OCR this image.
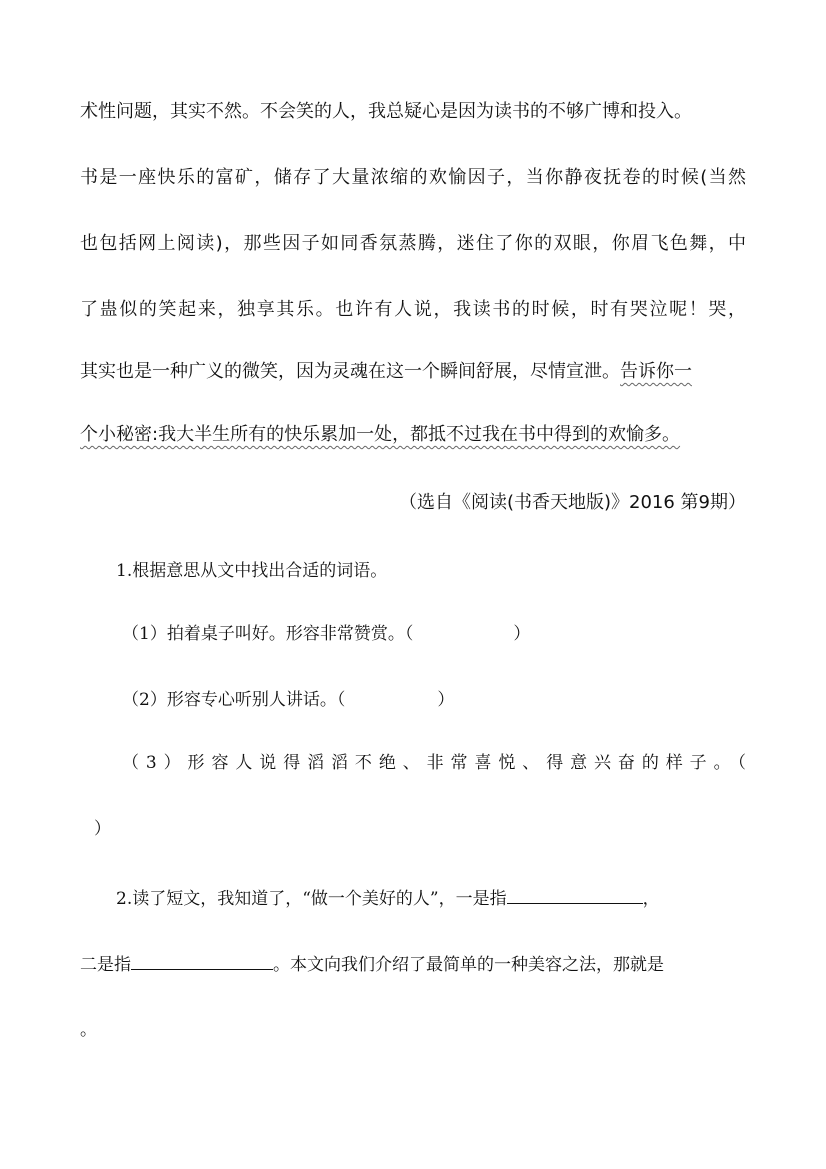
术性问题，其实不然。不会笑的人，我总疑心是因为读书的不够广博和投入。
书是一座快乐的富矿，储存了大量浓缩的欢愉因子，当你静夜抚卷的时候(当然
也包括网上阅读)，那些因子如同香氛蒸腾，迷住了你的双眼，你眉飞色舞，中
了蛊似的笑起来，独享其乐。也许有人说，我读书的时候，时有哭泣呢！哭，
其实也是一种广义的微笑，因为灵魂在这一个瞬间舒展，尽情宣泄。告诉你一
个小秘密:我大半生所有的快乐累加一处，都抵不过我在书中得到的欢愉多。
（选自《阅读(书香天地版)》2016 第9期）
1.根据意思从文中找出合适的词语。
（1）拍着桌子叫好。形容非常赞赏。（	）
（2）形容专心听别人讲话。（	）
（3）形容人说得滔滔不绝、非常喜悦、得意兴奋的样子。（
）
2.读了短文，我知道了，“做一个美好的人”，一是指	，
二是指	。本文向我们介绍了最简单的一种美容之法，那就是
。
